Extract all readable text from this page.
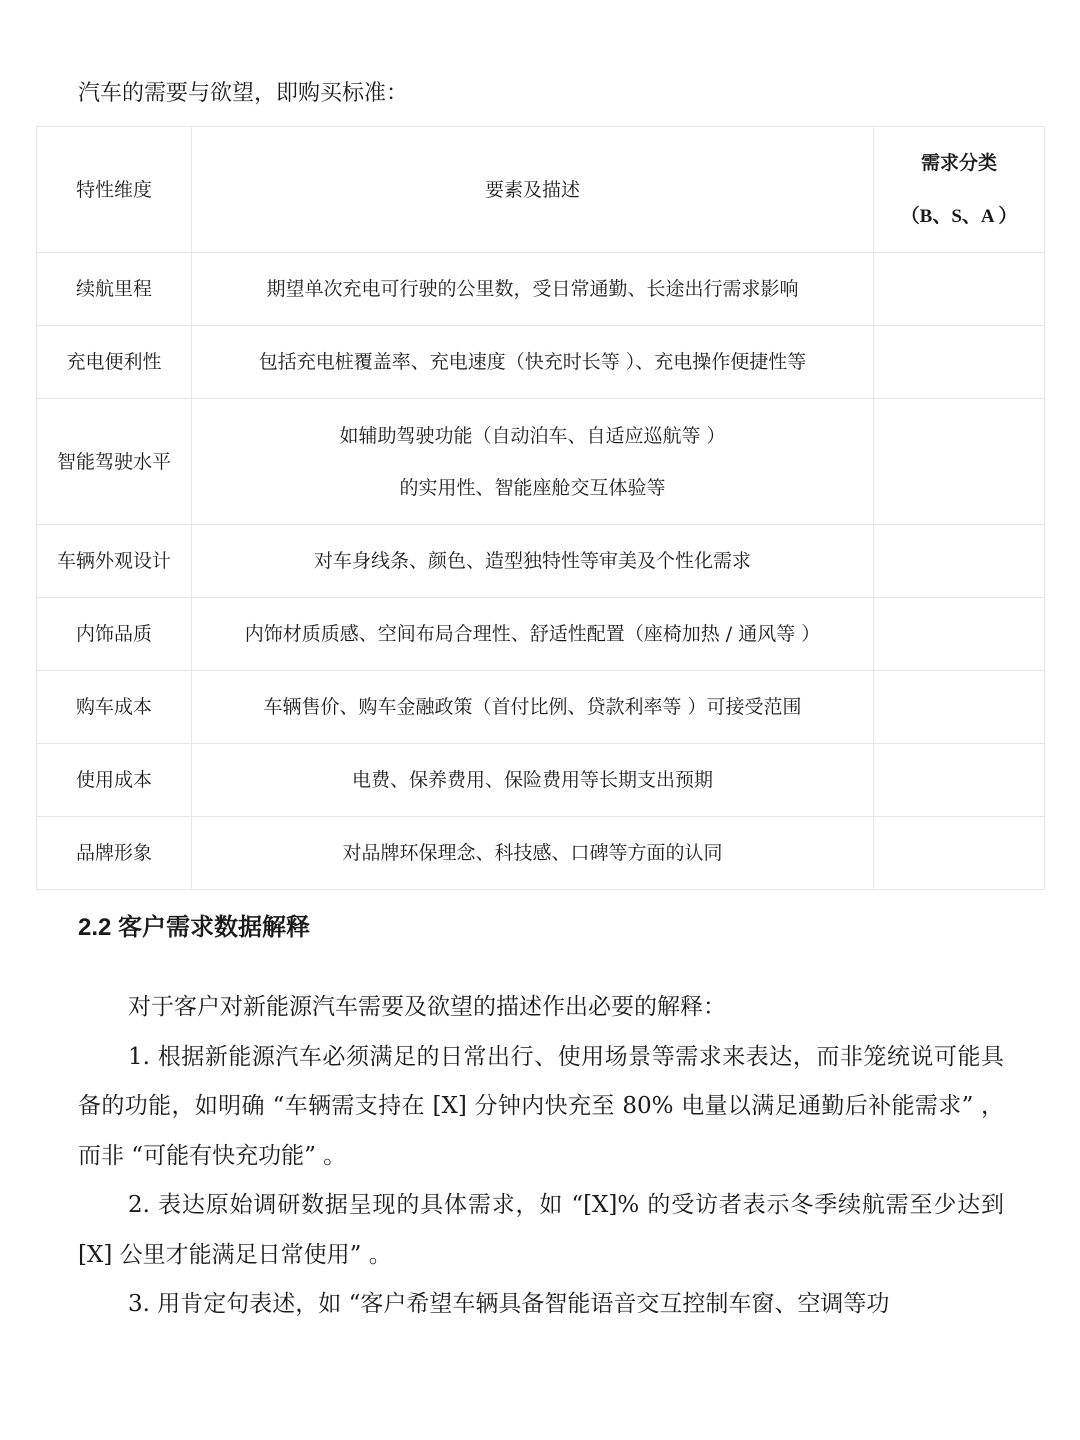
汽车的需要与欲望，即购买标准：

特性维度	要素及描述	需求分类
（B、S、A ）

续航里程	期望单次充电可行驶的公里数，受日常通勤、长途出行需求影响	
充电便利性	包括充电桩覆盖率、充电速度（快充时长等 ）、充电操作便捷性等	
智能驾驶水平	如辅助驾驶功能（自动泊车、自适应巡航等 ）
的实用性、智能座舱交互体验等	

车辆外观设计	对车身线条、颜色、造型独特性等审美及个性化需求	
内饰品质	内饰材质质感、空间布局合理性、舒适性配置（座椅加热 / 通风等 ）	
购车成本	车辆售价、购车金融政策（首付比例、贷款利率等 ）可接受范围	
使用成本	电费、保养费用、保险费用等长期支出预期	
品牌形象	对品牌环保理念、科技感、口碑等方面的认同	
2.2 客户需求数据解释

对于客户对新能源汽车需要及欲望的描述作出必要的解释：

1. 根据新能源汽车必须满足的日常出行、使用场景等需求来表达，而非笼统说可能具备的功能，如明确 “车辆需支持在 [X] 分钟内快充至 80% 电量以满足通勤后补能需求” ，而非 “可能有快充功能” 。

2. 表达原始调研数据呈现的具体需求，如 “[X]% 的受访者表示冬季续航需至少达到 [X] 公里才能满足日常使用” 。

3. 用肯定句表述，如 “客户希望车辆具备智能语音交互控制车窗、空调等功
